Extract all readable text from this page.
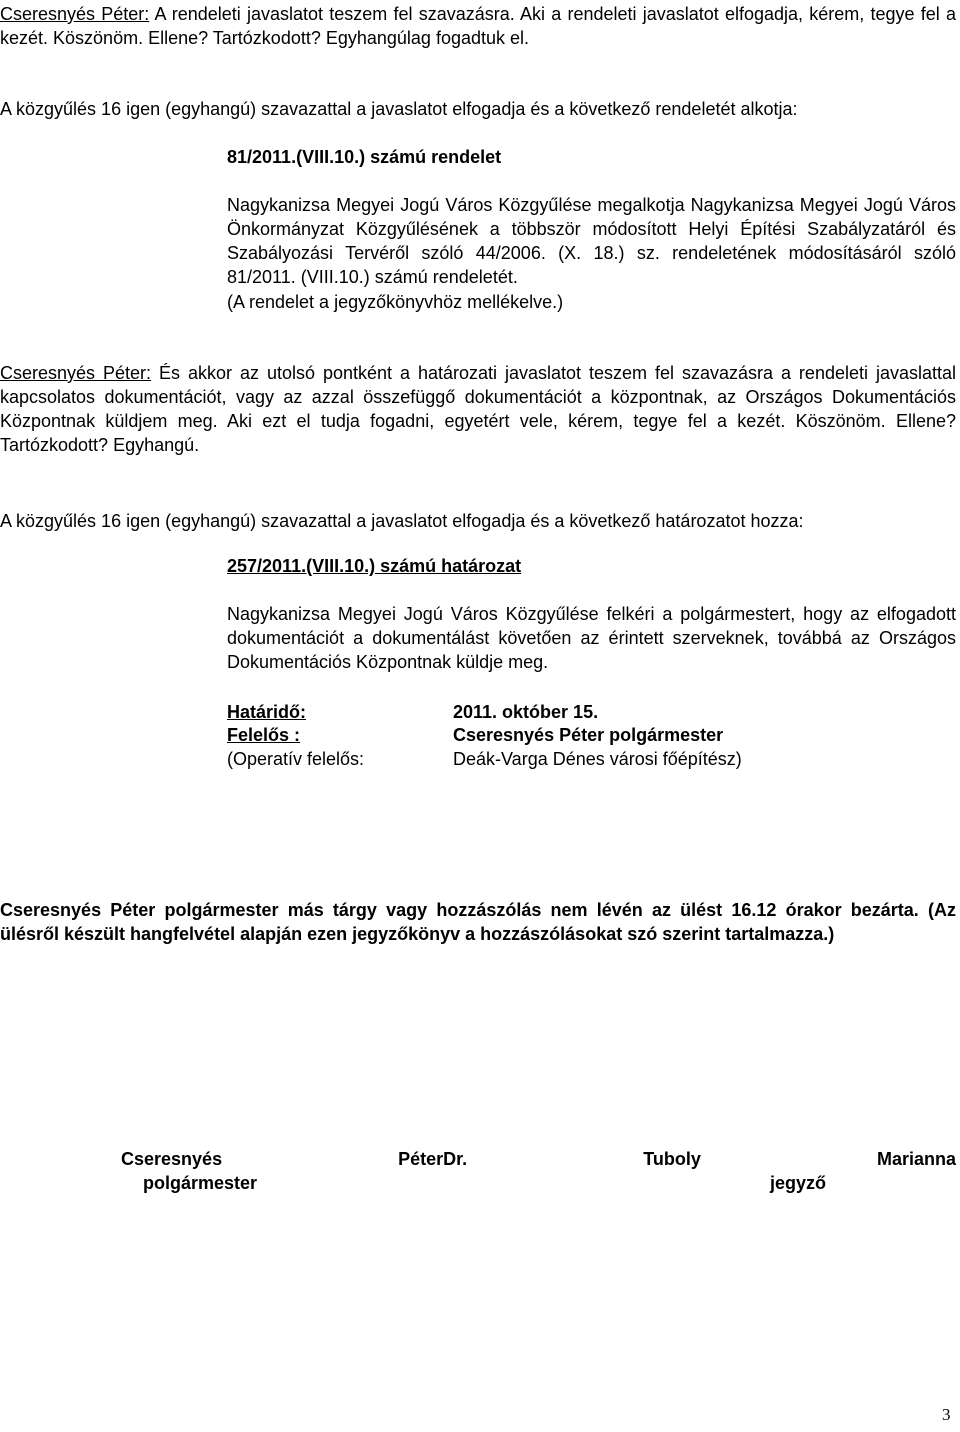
Cseresnyés Péter: A rendeleti javaslatot teszem fel szavazásra. Aki a rendeleti javaslatot elfogadja, kérem, tegye fel a kezét. Köszönöm. Ellene? Tartózkodott? Egyhangúlag fogadtuk el.

A közgyűlés 16 igen (egyhangú) szavazattal a javaslatot elfogadja és a következő rendeletét alkotja:

81/2011.(VIII.10.) számú rendelet

Nagykanizsa Megyei Jogú Város Közgyűlése megalkotja Nagykanizsa Megyei Jogú Város Önkormányzat Közgyűlésének a többször módosított Helyi Építési Szabályzatáról és Szabályozási Tervéről szóló 44/2006. (X. 18.) sz. rendeletének módosításáról szóló 81/2011. (VIII.10.) számú rendeletét.

(A rendelet a jegyzőkönyvhöz mellékelve.)

Cseresnyés Péter: És akkor az utolsó pontként a határozati javaslatot teszem fel szavazásra a rendeleti javaslattal kapcsolatos dokumentációt, vagy az azzal összefüggő dokumentációt a központnak, az Országos Dokumentációs Központnak küldjem meg. Aki ezt el tudja fogadni, egyetért vele, kérem, tegye fel a kezét. Köszönöm. Ellene? Tartózkodott? Egyhangú.

A közgyűlés 16 igen (egyhangú) szavazattal a javaslatot elfogadja és a következő határozatot hozza:

257/2011.(VIII.10.) számú határozat

Nagykanizsa Megyei Jogú Város Közgyűlése felkéri a polgármestert, hogy az elfogadott dokumentációt a dokumentálást követően az érintett szerveknek, továbbá az Országos Dokumentációs Központnak küldje meg.

Határidő:	2011. október 15.
Felelős :	Cseresnyés Péter polgármester
(Operatív felelős:	Deák-Varga Dénes városi főépítész)

Cseresnyés Péter polgármester más tárgy vagy hozzászólás nem lévén az ülést 16.12 órakor bezárta. (Az ülésről készült hangfelvétel alapján ezen jegyzőkönyv a hozzászólásokat szó szerint tartalmazza.)

Cseresnyés PéterDr.	Tuboly	Marianna

polgármester	jegyző
3
